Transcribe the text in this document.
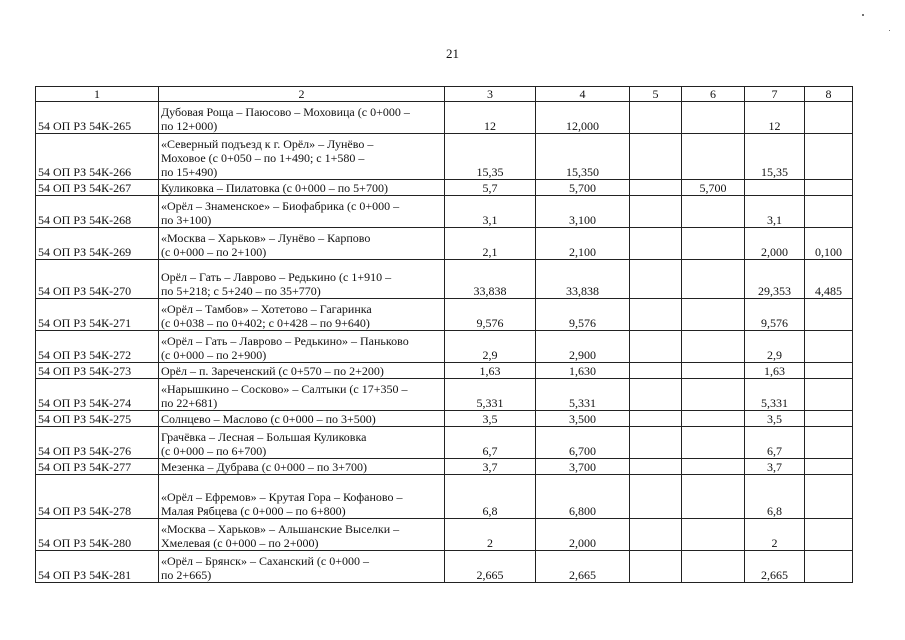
21
1	2	3	4	5	6	7	8
54 ОП РЗ 54К-265	Дубовая Роща – Паюсово – Моховица (с 0+000 –
по 12+000)	12	12,000			12	
54 ОП РЗ 54К-266	«Северный подъезд к г. Орёл» – Лунёво –
Моховое (с 0+050 – по 1+490; с 1+580 –
по 15+490)	15,35	15,350			15,35	
54 ОП РЗ 54К-267	Куликовка – Пилатовка (с 0+000 – по 5+700)	5,7	5,700		5,700		
54 ОП РЗ 54К-268	«Орёл – Знаменское» – Биофабрика (с 0+000 –
по 3+100)	3,1	3,100			3,1	
54 ОП РЗ 54К-269	«Москва – Харьков» – Лунёво – Карпово
(с 0+000 – по 2+100)	2,1	2,100			2,000	0,100
54 ОП РЗ 54К-270	Орёл – Гать – Лаврово – Редькино (с 1+910 –
по 5+218; с 5+240 – по 35+770)	33,838	33,838			29,353	4,485
54 ОП РЗ 54К-271	«Орёл – Тамбов» – Хотетово – Гагаринка
(с 0+038 – по 0+402; с 0+428 – по 9+640)	9,576	9,576			9,576	
54 ОП РЗ 54К-272	«Орёл – Гать – Лаврово – Редькино» – Паньково
(с 0+000 – по 2+900)	2,9	2,900			2,9	
54 ОП РЗ 54К-273	Орёл – п. Зареченский (с 0+570 – по 2+200)	1,63	1,630			1,63	
54 ОП РЗ 54К-274	«Нарышкино – Сосково» – Салтыки (с 17+350 –
по 22+681)	5,331	5,331			5,331	
54 ОП РЗ 54К-275	Солнцево – Маслово (с 0+000 – по 3+500)	3,5	3,500			3,5	
54 ОП РЗ 54К-276	Грачёвка – Лесная – Большая Куликовка
(с 0+000 – по 6+700)	6,7	6,700			6,7	
54 ОП РЗ 54К-277	Мезенка – Дубрава (с 0+000 – по 3+700)	3,7	3,700			3,7	
54 ОП РЗ 54К-278	«Орёл – Ефремов» – Крутая Гора – Кофаново –
Малая Рябцева (с 0+000 – по 6+800)	6,8	6,800			6,8	
54 ОП РЗ 54К-280	«Москва – Харьков» – Альшанские Выселки –
Хмелевая (с 0+000 – по 2+000)	2	2,000			2	
54 ОП РЗ 54К-281	«Орёл – Брянск» – Саханский (с 0+000 –
по 2+665)	2,665	2,665			2,665	
